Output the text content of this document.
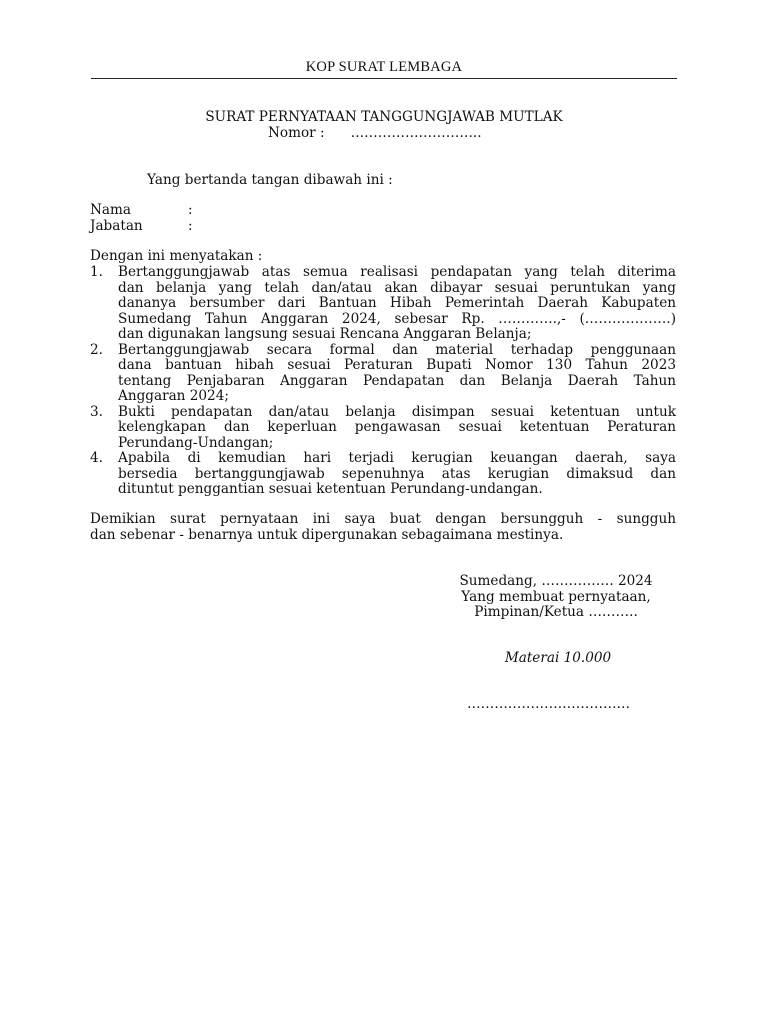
KOP SURAT LEMBAGA
SURAT PERNYATAAN TANGGUNGJAWAB MUTLAK
Nomor : ………………………..
Yang bertanda tangan dibawah ini :
Nama	:
Jabatan	:
Dengan ini menyatakan :
1. Bertanggungjawab atas semua realisasi pendapatan yang telah diterima
dan belanja yang telah dan/atau akan dibayar sesuai peruntukan yang
dananya bersumber dari Bantuan Hibah Pemerintah Daerah Kabupaten
Sumedang Tahun Anggaran 2024, sebesar Rp. ………….,- (……………….)
dan digunakan langsung sesuai Rencana Anggaran Belanja;
2. Bertanggungjawab secara formal dan material terhadap penggunaan
dana bantuan hibah sesuai Peraturan Bupati Nomor 130 Tahun 2023
tentang Penjabaran Anggaran Pendapatan dan Belanja Daerah Tahun
Anggaran 2024;
3. Bukti pendapatan dan/atau belanja disimpan sesuai ketentuan untuk
kelengkapan dan keperluan pengawasan sesuai ketentuan Peraturan
Perundang-Undangan;
4. Apabila di kemudian hari terjadi kerugian keuangan daerah, saya
bersedia bertanggungjawab sepenuhnya atas kerugian dimaksud dan
dituntut penggantian sesuai ketentuan Perundang-undangan.
Demikian surat pernyataan ini saya buat dengan bersungguh - sungguh
dan sebenar - benarnya untuk dipergunakan sebagaimana mestinya.
Sumedang, ……………. 2024
Yang membuat pernyataan,
Pimpinan/Ketua ………..
Materai 10.000
………………………………
